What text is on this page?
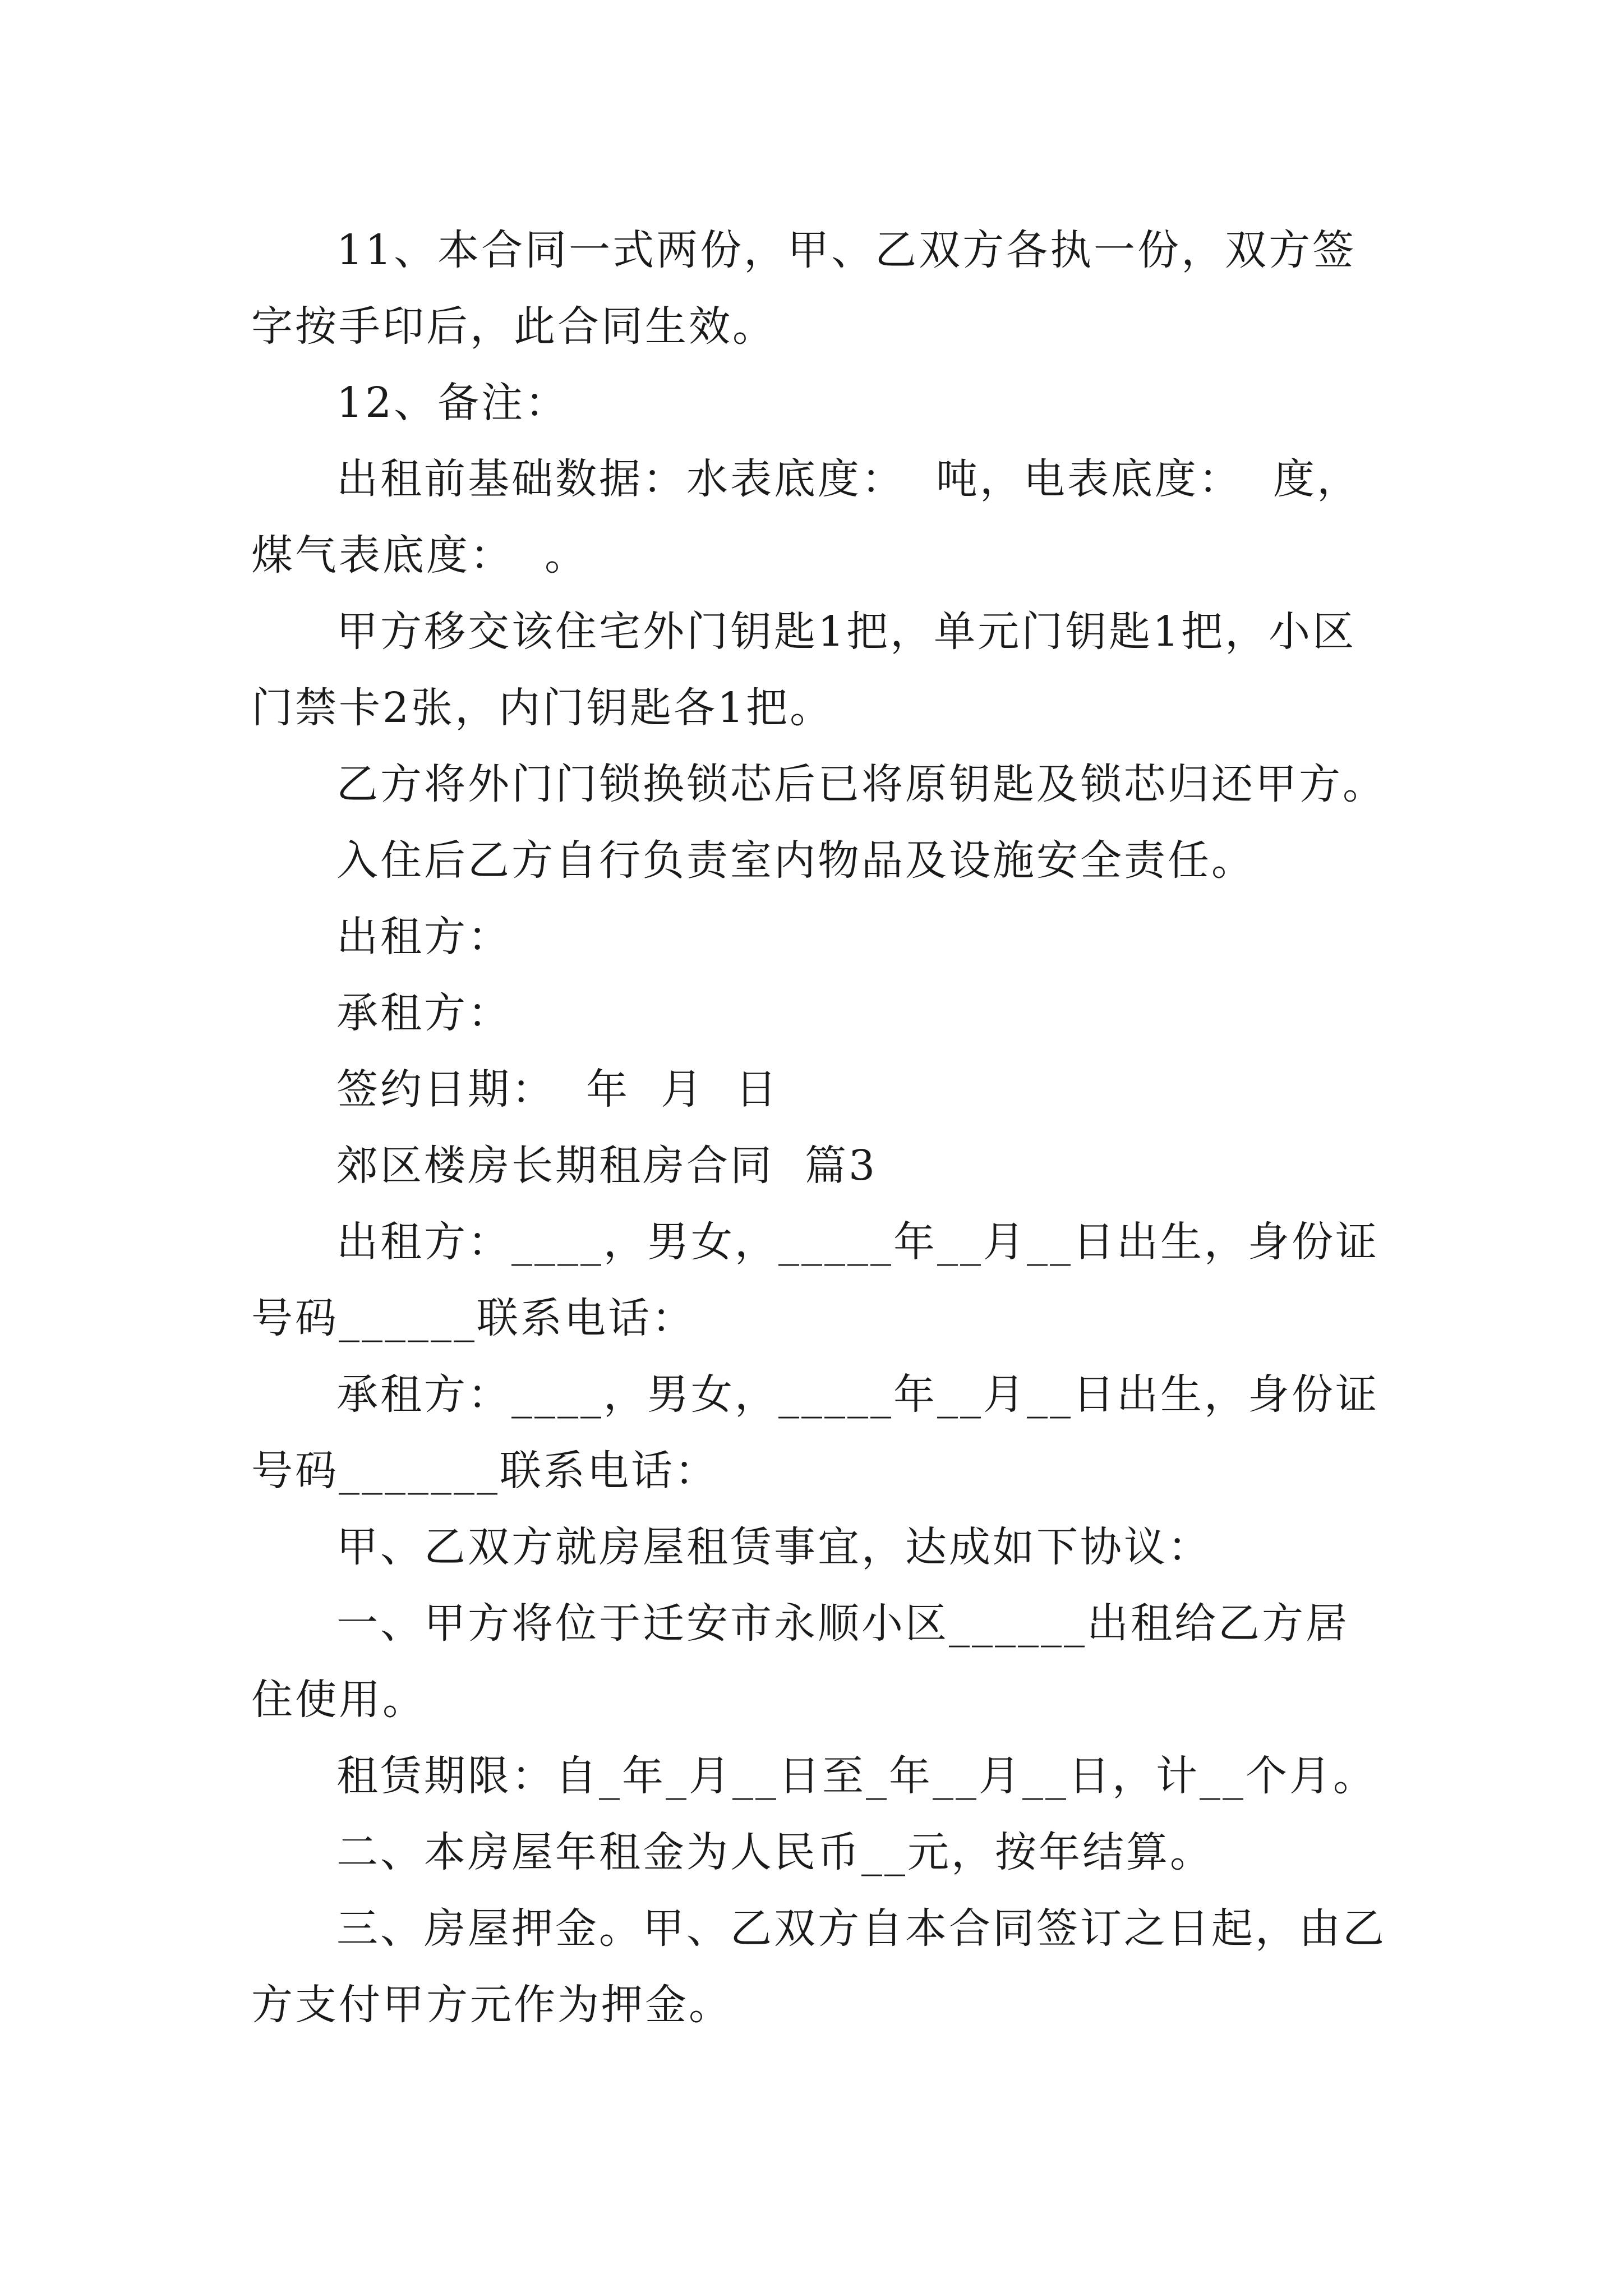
11、本合同一式两份，甲、乙双方各执一份，双方签字按手印后，此合同生效。

12、备注：

出租前基础数据：水表底度：  吨，电表底度：  度，煤气表底度：  。

甲方移交该住宅外门钥匙1把，单元门钥匙1把，小区门禁卡2张，内门钥匙各1把。

乙方将外门门锁换锁芯后已将原钥匙及锁芯归还甲方。

入住后乙方自行负责室内物品及设施安全责任。

出租方：

承租方：

签约日期：  年  月  日

郊区楼房长期租房合同  篇3

出租方：____，男女，_____年__月__日出生，身份证号码______联系电话：

承租方：____，男女，_____年__月__日出生，身份证号码_______联系电话：

甲、乙双方就房屋租赁事宜，达成如下协议：

一、甲方将位于迁安市永顺小区______出租给乙方居住使用。

租赁期限：自_年_月__日至_年__月__日，计__个月。

二、本房屋年租金为人民币__元，按年结算。

三、房屋押金。甲、乙双方自本合同签订之日起，由乙方支付甲方元作为押金。
